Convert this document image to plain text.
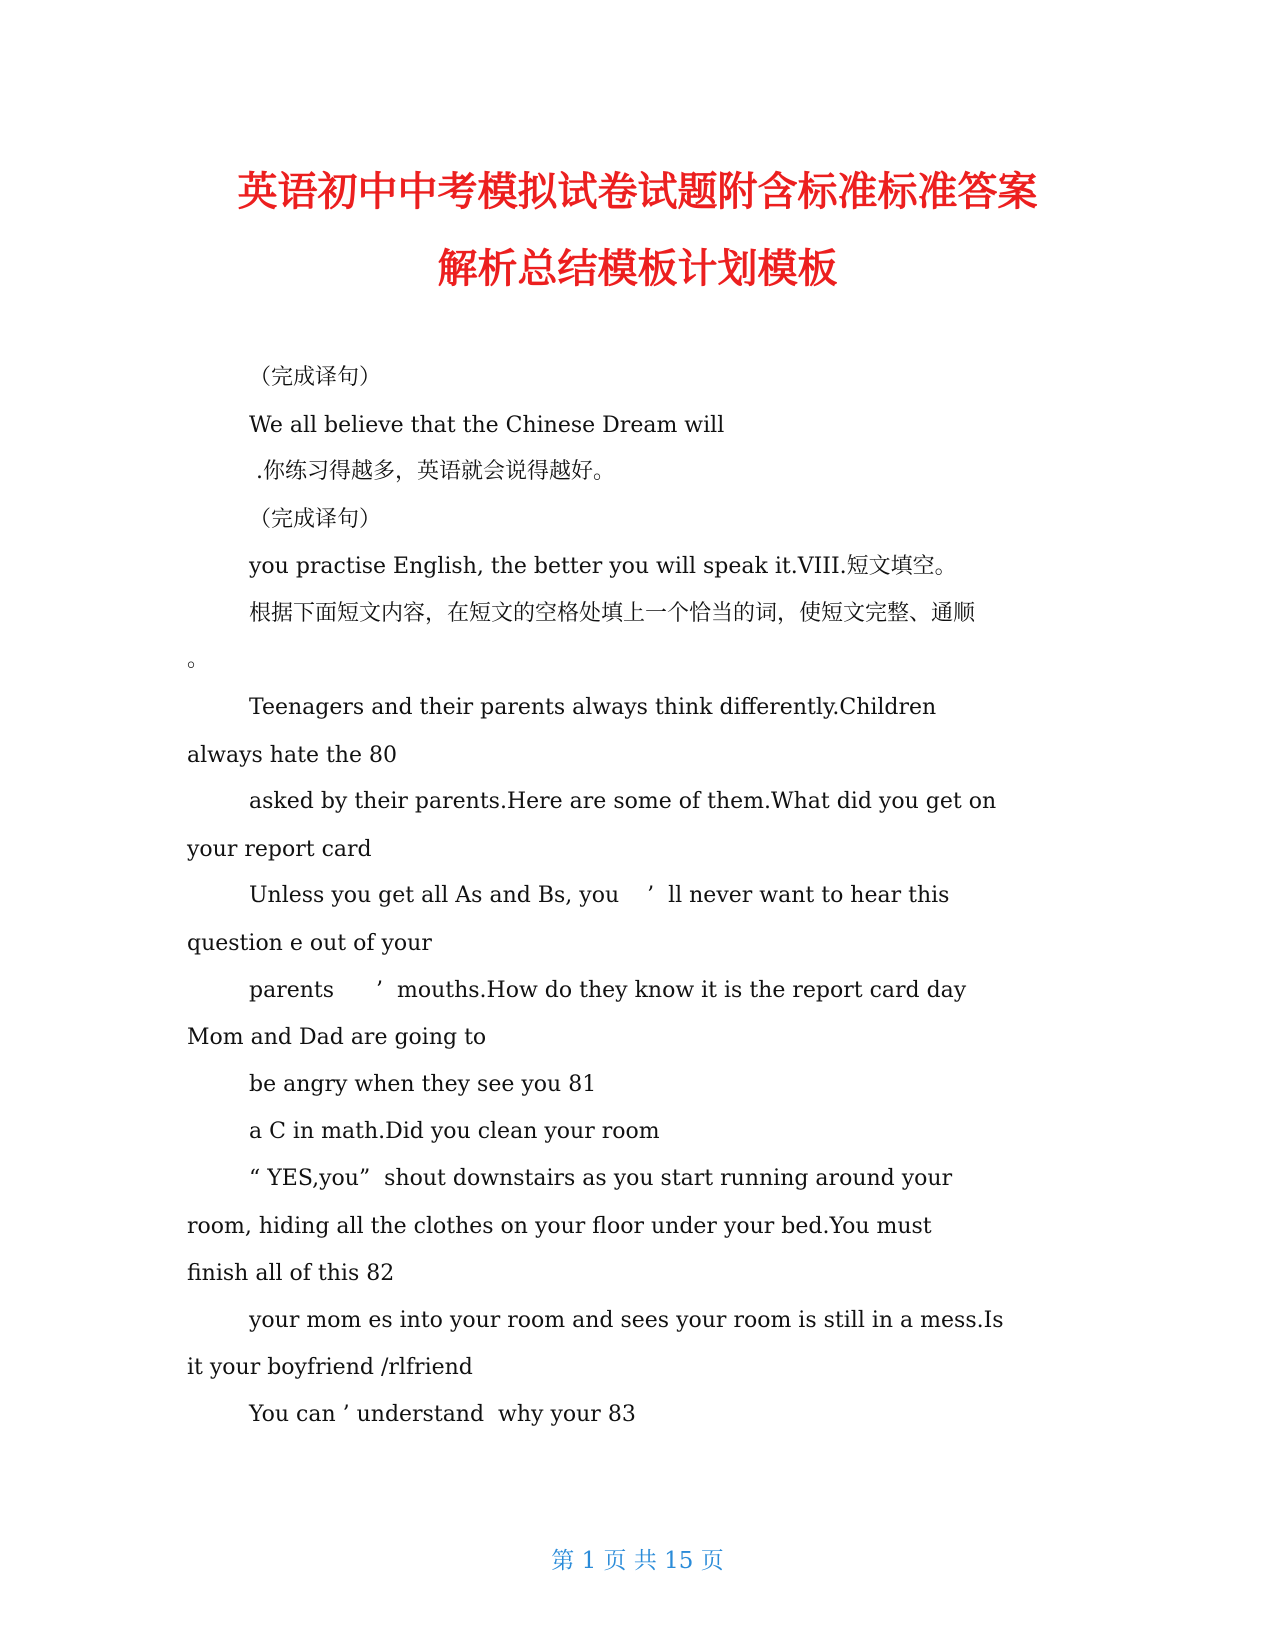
英语初中中考模拟试卷试题附含标准标准答案
解析总结模板计划模板
（完成译句）
We all believe that the Chinese Dream will
.你练习得越多，英语就会说得越好。
（完成译句）
you practise English, the better you will speak it.VIII.短文填空。
根据下面短文内容，在短文的空格处填上一个恰当的词，使短文完整、通顺
。
Teenagers and their parents always think differently.Children
always hate the 80
asked by their parents.Here are some of them.What did you get on
your report card
Unless you get all As and Bs, you    ’  ll never want to hear this
question e out of your
parents      ’  mouths.How do they know it is the report card day
Mom and Dad are going to
be angry when they see you 81
a C in math.Did you clean your room
“ YES,you”  shout downstairs as you start running around your
room, hiding all the clothes on your floor under your bed.You must
finish all of this 82
your mom es into your room and sees your room is still in a mess.Is
it your boyfriend /rlfriend
You can ’ understand  why your 83
第 1 页 共 15 页
